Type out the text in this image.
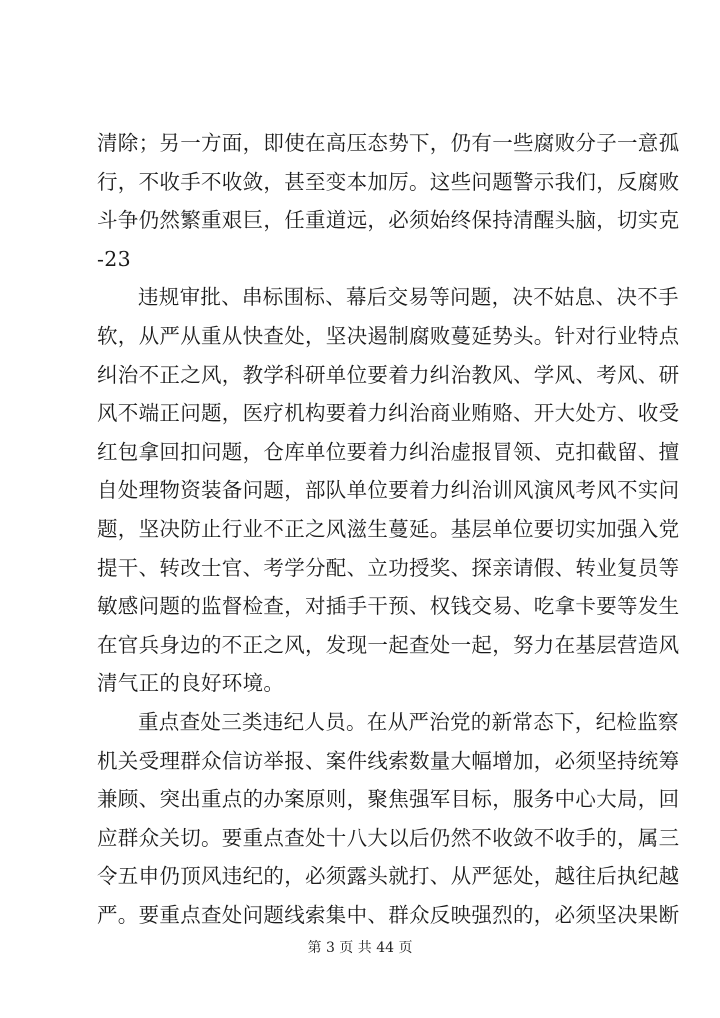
清除；另一方面，即使在高压态势下，仍有一些腐败分子一意孤
行，不收手不收敛，甚至变本加厉。这些问题警示我们，反腐败
斗争仍然繁重艰巨，任重道远，必须始终保持清醒头脑，切实克
-23
违规审批、串标围标、幕后交易等问题，决不姑息、决不手
软，从严从重从快查处，坚决遏制腐败蔓延势头。针对行业特点
纠治不正之风，教学科研单位要着力纠治教风、学风、考风、研
风不端正问题，医疗机构要着力纠治商业贿赂、开大处方、收受
红包拿回扣问题，仓库单位要着力纠治虚报冒领、克扣截留、擅
自处理物资装备问题，部队单位要着力纠治训风演风考风不实问
题，坚决防止行业不正之风滋生蔓延。基层单位要切实加强入党
提干、转改士官、考学分配、立功授奖、探亲请假、转业复员等
敏感问题的监督检查，对插手干预、权钱交易、吃拿卡要等发生
在官兵身边的不正之风，发现一起查处一起，努力在基层营造风
清气正的良好环境。
重点查处三类违纪人员。在从严治党的新常态下，纪检监察
机关受理群众信访举报、案件线索数量大幅增加，必须坚持统筹
兼顾、突出重点的办案原则，聚焦强军目标，服务中心大局，回
应群众关切。要重点查处十八大以后仍然不收敛不收手的，属三
令五申仍顶风违纪的，必须露头就打、从严惩处，越往后执纪越
严。要重点查处问题线索集中、群众反映强烈的，必须坚决果断
第 3 页 共 44 页
